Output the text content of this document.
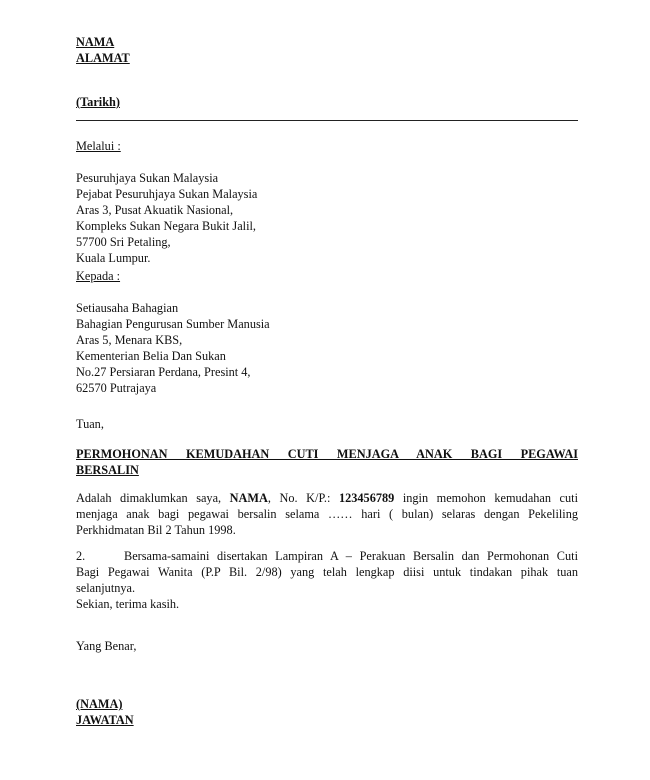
NAMA
ALAMAT
(Tarikh)
Melalui :
Pesuruhjaya Sukan Malaysia
Pejabat Pesuruhjaya Sukan Malaysia
Aras 3, Pusat Akuatik Nasional,
Kompleks Sukan Negara Bukit Jalil,
57700 Sri Petaling,
Kuala Lumpur.
Kepada :
Setiausaha Bahagian
Bahagian Pengurusan Sumber Manusia
Aras 5, Menara KBS,
Kementerian Belia Dan Sukan
No.27 Persiaran Perdana, Presint 4,
62570 Putrajaya
Tuan,
PERMOHONAN KEMUDAHAN CUTI MENJAGA ANAK BAGI PEGAWAI
BERSALIN
Adalah dimaklumkan saya, NAMA, No. K/P.: 123456789 ingin memohon kemudahan cuti
menjaga anak bagi pegawai bersalin selama …… hari ( bulan) selaras dengan Pekeliling
Perkhidmatan Bil 2 Tahun 1998.
2.	Bersama-samaini disertakan Lampiran A – Perakuan Bersalin dan Permohonan Cuti
Bagi Pegawai Wanita (P.P Bil. 2/98) yang telah lengkap diisi untuk tindakan pihak tuan
selanjutnya.
Sekian, terima kasih.
Yang Benar,
(NAMA)
JAWATAN
